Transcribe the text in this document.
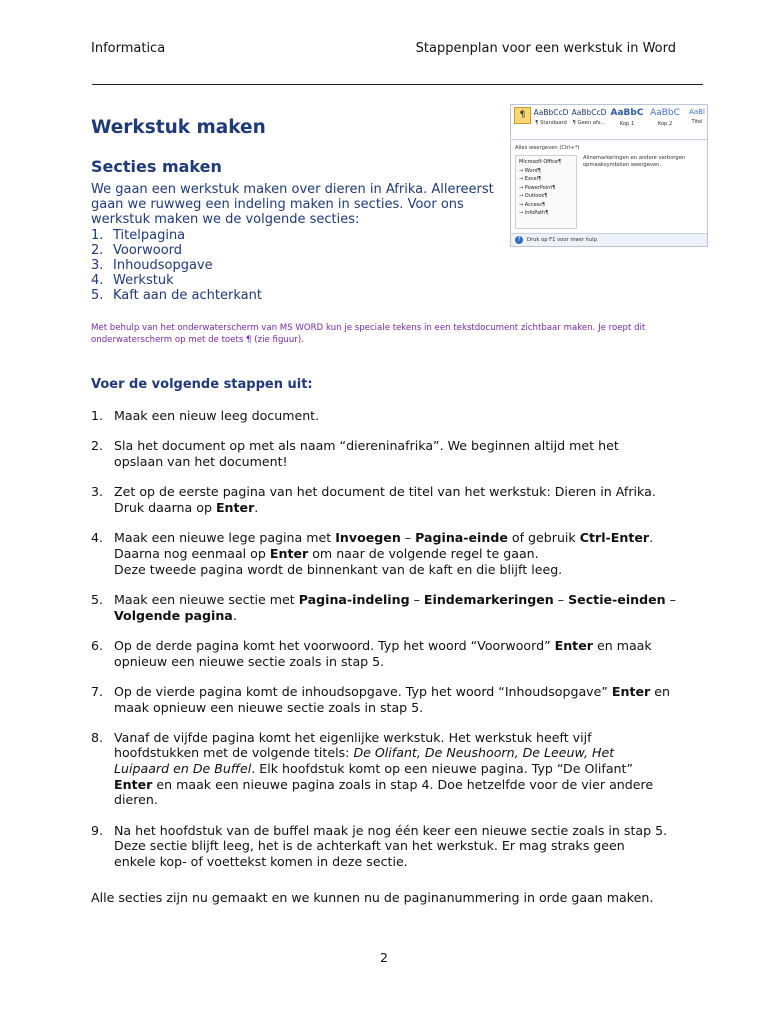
Informatica	Stappenplan voor een werkstuk in Word
Werkstuk maken
Secties maken
We gaan een werkstuk maken over dieren in Afrika. Allereerst gaan we ruwweg een indeling maken in secties. Voor ons werkstuk maken we de volgende secties:
1. Titelpagina
2. Voorwoord
3. Inhoudsopgave
4. Werkstuk
5. Kaft aan de achterkant
¶	AaBbCcD
¶ Standaard
AaBbCcD
¶ Geen afs...
AaBbC
Kop 1
AaBbC
Kop 2
AaBl
Titel
Alles weergeven (Ctrl+*)
Microsoft·Office¶
→ Word¶
→ Excel¶
→ PowerPoint¶
→ Outlook¶
→ Access¶
→ InfoPath¶
Alinemarkeringen en andere verborgen opmaaksymbolen weergeven.
? Druk op F1 voor meer hulp.
Met behulp van het onderwaterscherm van MS WORD kun je speciale tekens in een tekstdocument zichtbaar maken. Je roept dit onderwaterscherm op met de toets ¶ (zie figuur).
Voer de volgende stappen uit:
1. Maak een nieuw leeg document.
2. Sla het document op met als naam “diereninafrika”. We beginnen altijd met het
opslaan van het document!
3. Zet op de eerste pagina van het document de titel van het werkstuk: Dieren in Afrika.
Druk daarna op Enter.
4. Maak een nieuwe lege pagina met Invoegen – Pagina-einde of gebruik Ctrl-Enter.
Daarna nog eenmaal op Enter om naar de volgende regel te gaan.
Deze tweede pagina wordt de binnenkant van de kaft en die blijft leeg.
5. Maak een nieuwe sectie met Pagina-indeling – Eindemarkeringen – Sectie-einden –
Volgende pagina.
6. Op de derde pagina komt het voorwoord. Typ het woord “Voorwoord” Enter en maak
opnieuw een nieuwe sectie zoals in stap 5.
7. Op de vierde pagina komt de inhoudsopgave. Typ het woord “Inhoudsopgave” Enter en
maak opnieuw een nieuwe sectie zoals in stap 5.
8. Vanaf de vijfde pagina komt het eigenlijke werkstuk. Het werkstuk heeft vijf
hoofdstukken met de volgende titels: De Olifant, De Neushoorn, De Leeuw, Het
Luipaard en De Buffel. Elk hoofdstuk komt op een nieuwe pagina. Typ “De Olifant”
Enter en maak een nieuwe pagina zoals in stap 4. Doe hetzelfde voor de vier andere
dieren.
9. Na het hoofdstuk van de buffel maak je nog één keer een nieuwe sectie zoals in stap 5.
Deze sectie blijft leeg, het is de achterkaft van het werkstuk. Er mag straks geen
enkele kop- of voettekst komen in deze sectie.
Alle secties zijn nu gemaakt en we kunnen nu de paginanummering in orde gaan maken.
2
